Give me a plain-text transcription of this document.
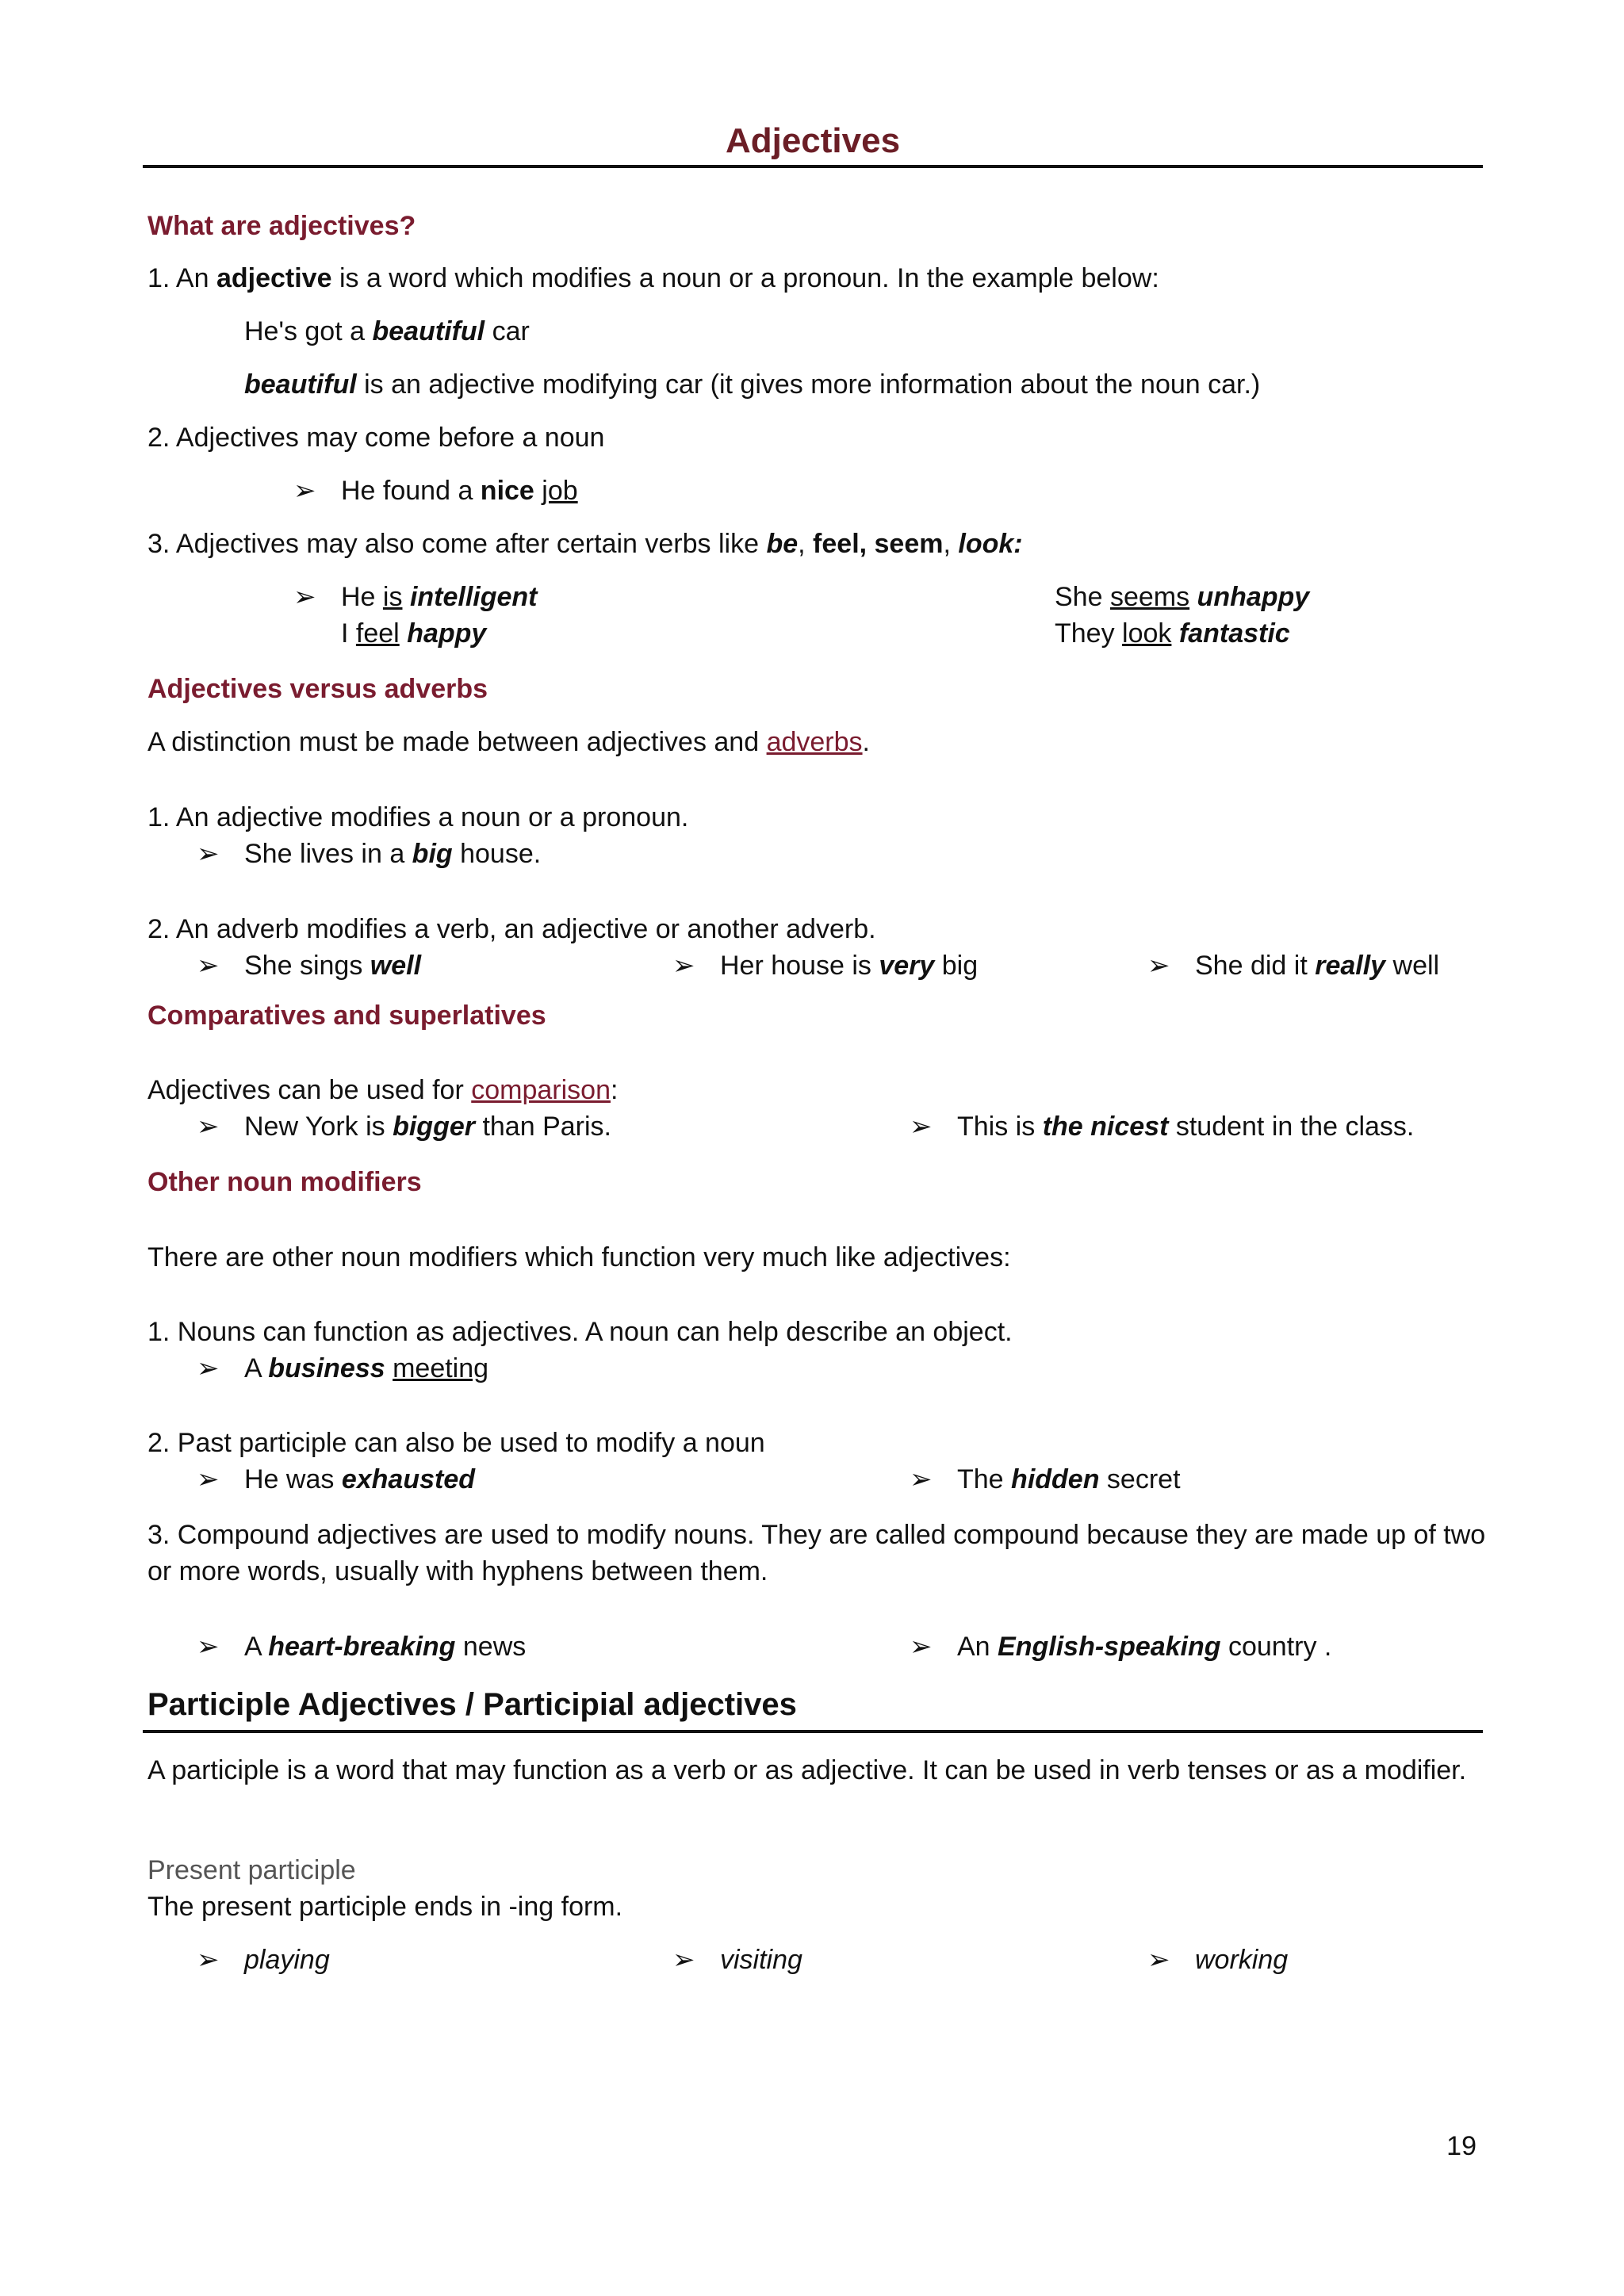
Adjectives
What are adjectives?
1. An adjective is a word which modifies a noun or a pronoun. In the example below:
He's got a beautiful car
beautiful is an adjective modifying car (it gives more information about the noun car.)
2. Adjectives may come before a noun
➢ He found a nice job
3. Adjectives may also come after certain verbs like be, feel, seem, look:
➢ He is intelligent
I feel happy
She seems unhappy
They look fantastic
Adjectives versus adverbs
A distinction must be made between adjectives and adverbs.
1. An adjective modifies a noun or a pronoun.
➢ She lives in a big house.
2. An adverb modifies a verb, an adjective or another adverb.
➢ She sings well	➢ Her house is very big	➢ She did it really well
Comparatives and superlatives
Adjectives can be used for comparison:
➢ New York is bigger than Paris.	➢ This is the nicest student in the class.
Other noun modifiers
There are other noun modifiers which function very much like adjectives:
1. Nouns can function as adjectives. A noun can help describe an object.
➢ A business meeting
2. Past participle can also be used to modify a noun
➢ He was exhausted	➢ The hidden secret
3. Compound adjectives are used to modify nouns. They are called compound because they are made up of two or more words, usually with hyphens between them.
➢ A heart-breaking news	➢ An English-speaking country .
Participle Adjectives / Participial adjectives
A participle is a word that may function as a verb or as adjective. It can be used in verb tenses or as a modifier.
Present participle
The present participle ends in -ing form.
➢ playing	➢ visiting	➢ working
19
